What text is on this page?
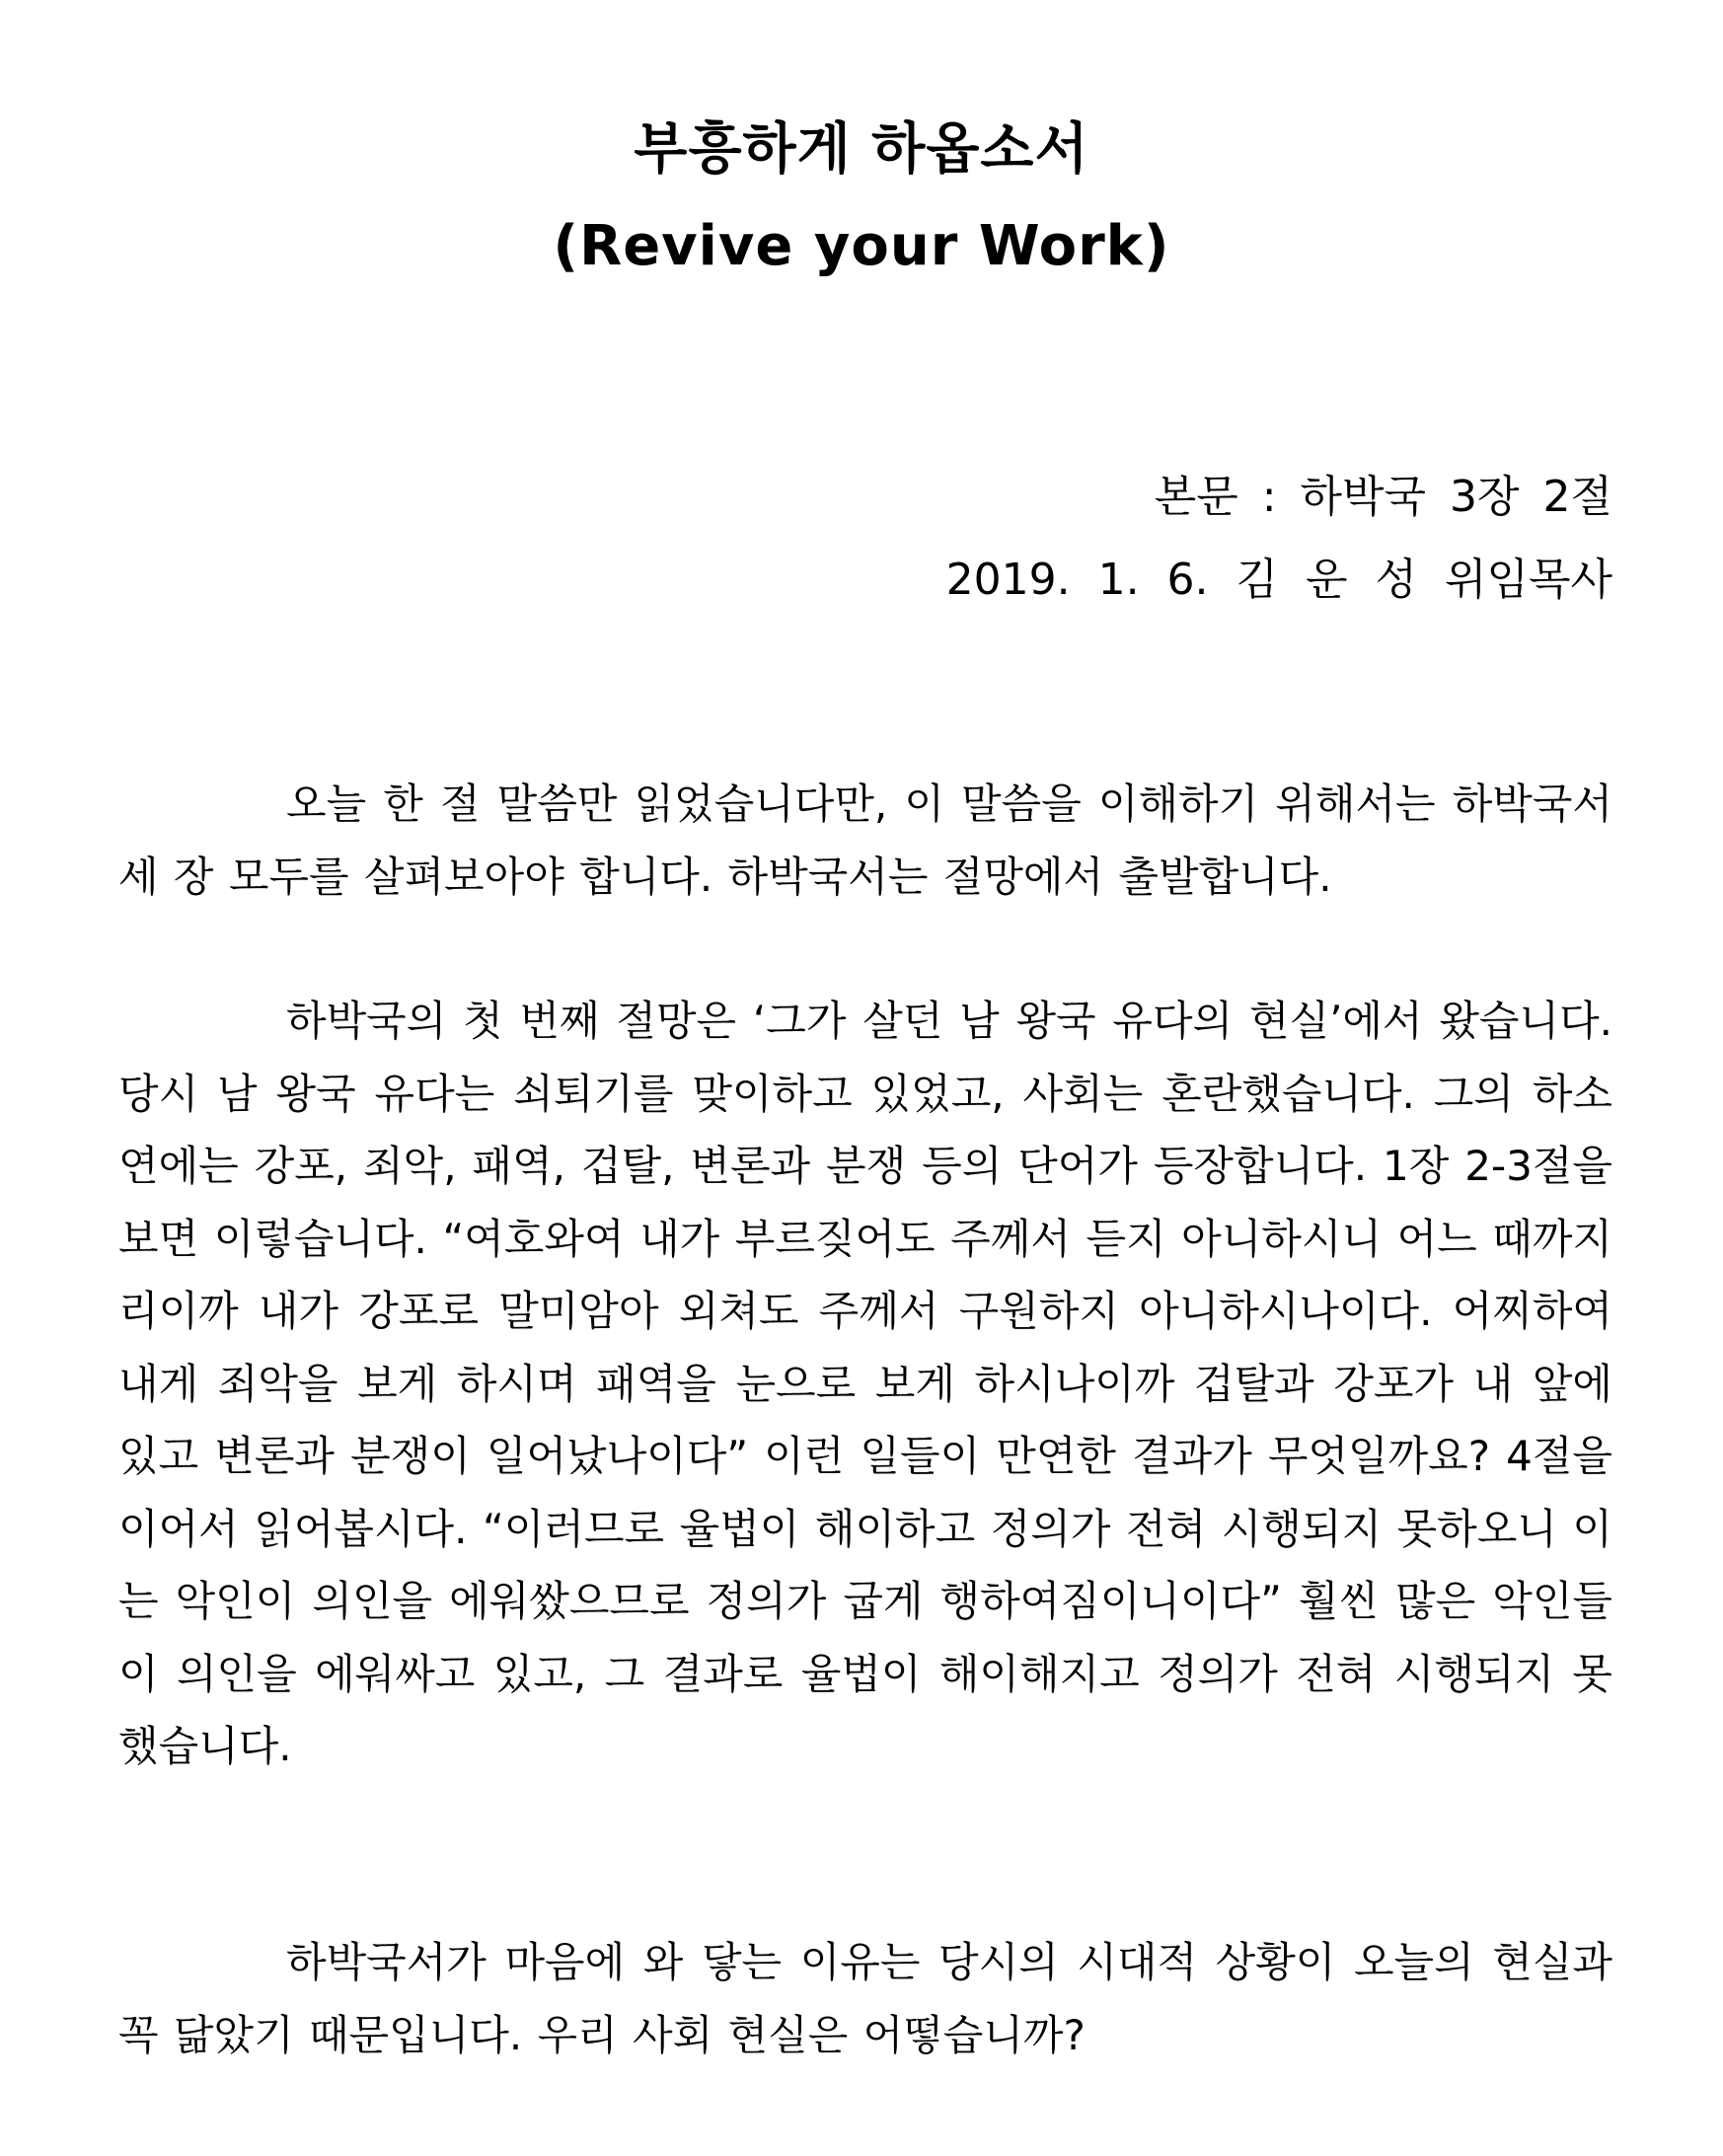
부흥하게 하옵소서
(Revive your Work)
본문 : 하박국 3장 2절
2019. 1. 6. 김 운 성 위임목사

오늘 한 절 말씀만 읽었습니다만, 이 말씀을 이해하기 위해서는 하박국서 세 장 모두를 살펴보아야 합니다. 하박국서는 절망에서 출발합니다.

하박국의 첫 번째 절망은 ‘그가 살던 남 왕국 유다의 현실’에서 왔습니다. 당시 남 왕국 유다는 쇠퇴기를 맞이하고 있었고, 사회는 혼란했습니다. 그의 하소연에는 강포, 죄악, 패역, 겁탈, 변론과 분쟁 등의 단어가 등장합니다. 1장 2-3절을 보면 이렇습니다. “여호와여 내가 부르짖어도 주께서 듣지 아니하시니 어느 때까지리이까 내가 강포로 말미암아 외쳐도 주께서 구원하지 아니하시나이다. 어찌하여 내게 죄악을 보게 하시며 패역을 눈으로 보게 하시나이까 겁탈과 강포가 내 앞에 있고 변론과 분쟁이 일어났나이다” 이런 일들이 만연한 결과가 무엇일까요? 4절을 이어서 읽어봅시다. “이러므로 율법이 해이하고 정의가 전혀 시행되지 못하오니 이는 악인이 의인을 에워쌌으므로 정의가 굽게 행하여짐이니이다” 훨씬 많은 악인들이 의인을 에워싸고 있고, 그 결과로 율법이 해이해지고 정의가 전혀 시행되지 못했습니다.

하박국서가 마음에 와 닿는 이유는 당시의 시대적 상황이 오늘의 현실과 꼭 닮았기 때문입니다. 우리 사회 현실은 어떻습니까?
